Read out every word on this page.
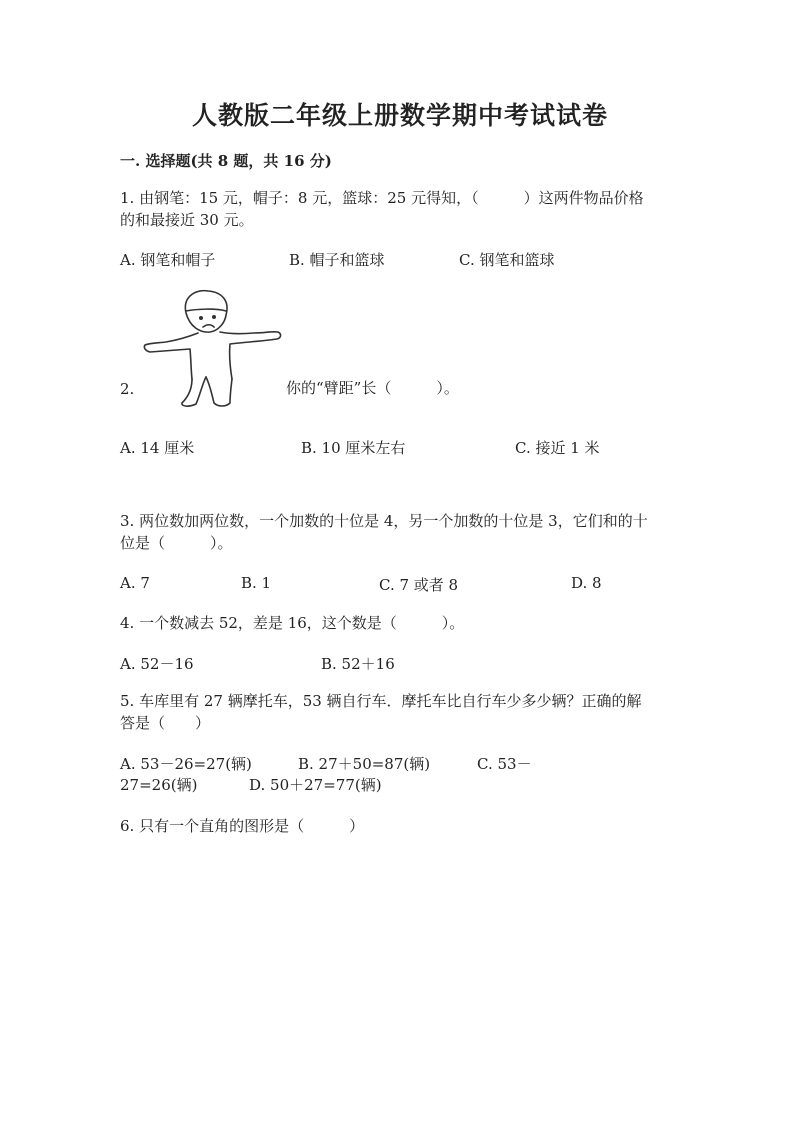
人教版二年级上册数学期中考试试卷
一. 选择题(共 8 题，共 16 分)
1. 由钢笔：15 元，帽子：8 元，篮球：25 元得知，（　　　）这两件物品价格
的和最接近 30 元。
A. 钢笔和帽子	B. 帽子和篮球	C. 钢笔和篮球
2.	你的“臂距”长（　　　）。
A. 14 厘米	B. 10 厘米左右	C. 接近 1 米
3. 两位数加两位数，一个加数的十位是 4，另一个加数的十位是 3，它们和的十
位是（　　　）。
A. 7	B. 1	C. 7 或者 8	D. 8
4. 一个数减去 52，差是 16，这个数是（　　　）。
A. 52－16	B. 52＋16
5. 车库里有 27 辆摩托车，53 辆自行车．摩托车比自行车少多少辆？正确的解
答是（　　）
A. 53－26=27(辆)	B. 27＋50=87(辆)	C. 53－
27=26(辆)	D. 50＋27=77(辆)
6. 只有一个直角的图形是（　　　）
